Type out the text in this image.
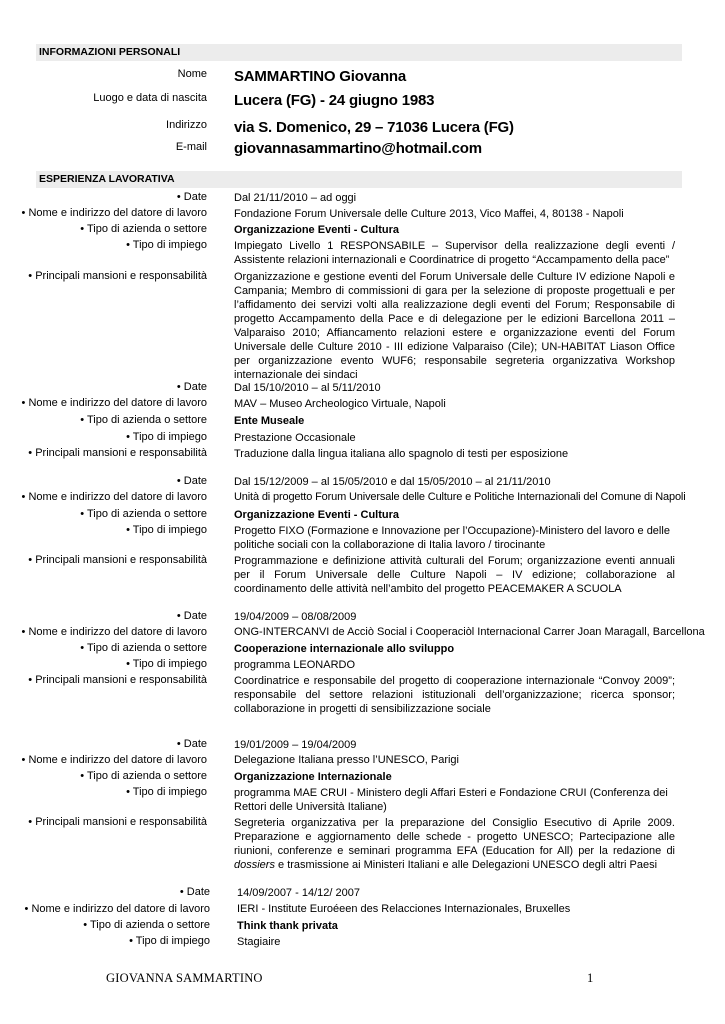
INFORMAZIONI PERSONALI
Nome SAMMARTINO Giovanna
Luogo e data di nascita Lucera (FG) - 24 giugno 1983
Indirizzo via S. Domenico, 29 – 71036 Lucera (FG)
E-mail giovannasammartino@hotmail.com
ESPERIENZA LAVORATIVA
• Date Dal 21/11/2010 – ad oggi
• Nome e indirizzo del datore di lavoro Fondazione Forum Universale delle Culture 2013, Vico Maffei, 4, 80138 - Napoli
• Tipo di azienda o settore Organizzazione Eventi - Cultura
• Tipo di impiego Impiegato Livello 1 RESPONSABILE – Supervisor della realizzazione degli eventi / Assistente relazioni internazionali e Coordinatrice di progetto “Accampamento della pace”
• Principali mansioni e responsabilità Organizzazione e gestione eventi del Forum Universale delle Culture IV edizione Napoli e Campania; Membro di commissioni di gara per la selezione di proposte progettuali e per l’affidamento dei servizi volti alla realizzazione degli eventi del Forum; Responsabile di progetto Accampamento della Pace e di delegazione per le edizioni Barcellona 2011 – Valparaiso 2010; Affiancamento relazioni estere e organizzazione eventi del Forum Universale delle Culture 2010 - III edizione Valparaiso (Cile); UN-HABITAT Liason Office per organizzazione evento WUF6; responsabile segreteria organizzativa Workshop internazionale dei sindaci
• Date Dal 15/10/2010 – al 5/11/2010
• Nome e indirizzo del datore di lavoro MAV – Museo Archeologico Virtuale, Napoli
• Tipo di azienda o settore Ente Museale
• Tipo di impiego Prestazione Occasionale
• Principali mansioni e responsabilità Traduzione dalla lingua italiana allo spagnolo di testi per esposizione
• Date Dal 15/12/2009 – al 15/05/2010 e dal 15/05/2010 – al 21/11/2010
• Nome e indirizzo del datore di lavoro Unità di progetto Forum Universale delle Culture e Politiche Internazionali del Comune di Napoli
• Tipo di azienda o settore Organizzazione Eventi - Cultura
• Tipo di impiego Progetto FIXO (Formazione e Innovazione per l’Occupazione)-Ministero del lavoro e delle politiche sociali con la collaborazione di Italia lavoro / tirocinante
• Principali mansioni e responsabilità Programmazione e definizione attività culturali del Forum; organizzazione eventi annuali per il Forum Universale delle Culture Napoli – IV edizione; collaborazione al coordinamento delle attività nell’ambito del progetto PEACEMAKER A SCUOLA
• Date 19/04/2009 – 08/08/2009
• Nome e indirizzo del datore di lavoro ONG-INTERCANVI de Acciò Social i Cooperaciòl Internacional Carrer Joan Maragall, Barcellona
• Tipo di azienda o settore Cooperazione internazionale allo sviluppo
• Tipo di impiego programma LEONARDO
• Principali mansioni e responsabilità Coordinatrice e responsabile del progetto di cooperazione internazionale “Convoy 2009”; responsabile del settore relazioni istituzionali dell’organizzazione; ricerca sponsor; collaborazione in progetti di sensibilizzazione sociale
• Date 19/01/2009 – 19/04/2009
• Nome e indirizzo del datore di lavoro Delegazione Italiana presso l’UNESCO, Parigi
• Tipo di azienda o settore Organizzazione Internazionale
• Tipo di impiego programma MAE CRUI - Ministero degli Affari Esteri e Fondazione CRUI (Conferenza dei Rettori delle Università Italiane)
• Principali mansioni e responsabilità Segreteria organizzativa per la preparazione del Consiglio Esecutivo di Aprile 2009. Preparazione e aggiornamento delle schede - progetto UNESCO; Partecipazione alle riunioni, conferenze e seminari programma EFA (Education for All) per la redazione di dossiers e trasmissione ai Ministeri Italiani e alle Delegazioni UNESCO degli altri Paesi
• Date 14/09/2007 - 14/12/ 2007
• Nome e indirizzo del datore di lavoro IERI - Institute Euroéeen des Relacciones Internazionales, Bruxelles
• Tipo di azienda o settore Think thank privata
• Tipo di impiego Stagiaire
GIOVANNA SAMMARTINO	1
